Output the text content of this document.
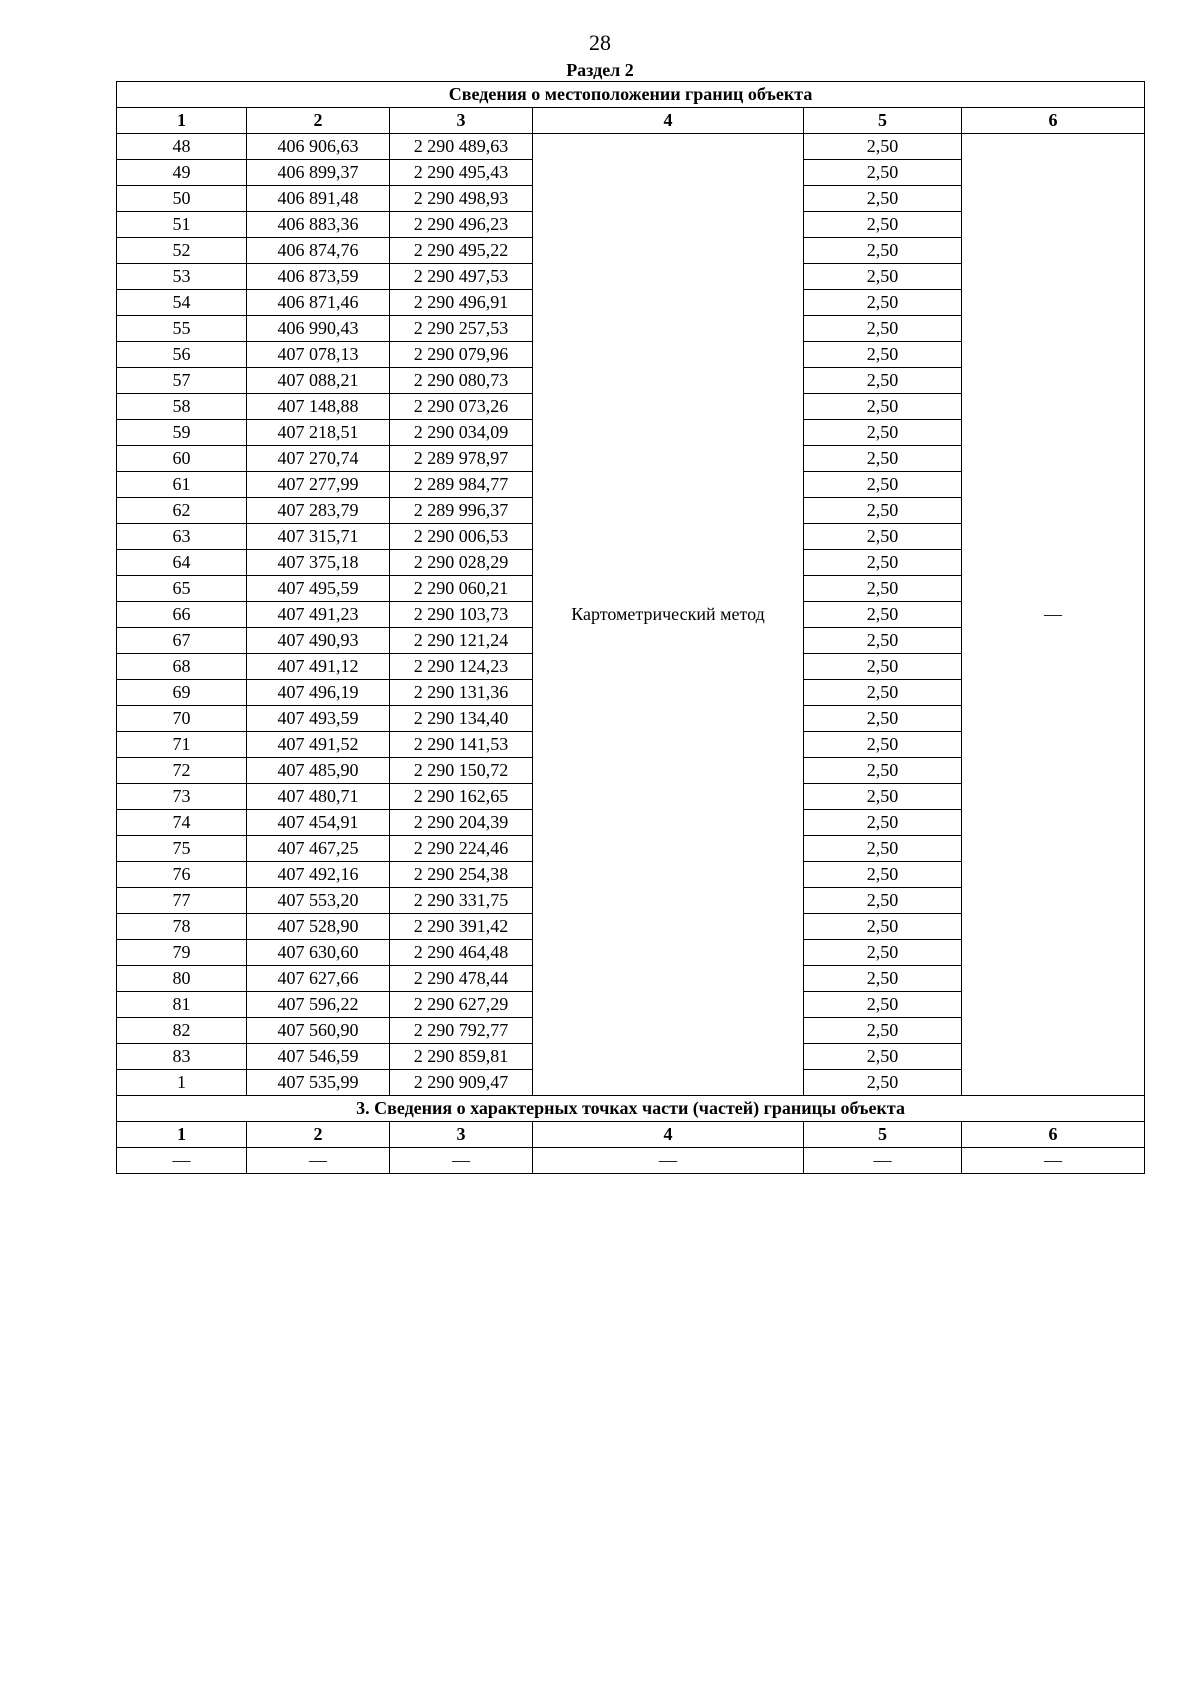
28
Раздел 2
Сведения о местоположении границ объекта					
1	2	3	4	5	6
48	406 906,63	2 290 489,63	Картометрический метод	2,50	—
49	406 899,37	2 290 495,43		2,50	
50	406 891,48	2 290 498,93		2,50	
51	406 883,36	2 290 496,23		2,50	
52	406 874,76	2 290 495,22		2,50	
53	406 873,59	2 290 497,53		2,50	
54	406 871,46	2 290 496,91		2,50	
55	406 990,43	2 290 257,53		2,50	
56	407 078,13	2 290 079,96		2,50	
57	407 088,21	2 290 080,73		2,50	
58	407 148,88	2 290 073,26		2,50	
59	407 218,51	2 290 034,09		2,50	
60	407 270,74	2 289 978,97		2,50	
61	407 277,99	2 289 984,77		2,50	
62	407 283,79	2 289 996,37		2,50	
63	407 315,71	2 290 006,53		2,50	
64	407 375,18	2 290 028,29		2,50	
65	407 495,59	2 290 060,21		2,50	
66	407 491,23	2 290 103,73		2,50	
67	407 490,93	2 290 121,24		2,50	
68	407 491,12	2 290 124,23		2,50	
69	407 496,19	2 290 131,36		2,50	
70	407 493,59	2 290 134,40		2,50	
71	407 491,52	2 290 141,53		2,50	
72	407 485,90	2 290 150,72		2,50	
73	407 480,71	2 290 162,65		2,50	
74	407 454,91	2 290 204,39		2,50	
75	407 467,25	2 290 224,46		2,50	
76	407 492,16	2 290 254,38		2,50	
77	407 553,20	2 290 331,75		2,50	
78	407 528,90	2 290 391,42		2,50	
79	407 630,60	2 290 464,48		2,50	
80	407 627,66	2 290 478,44		2,50	
81	407 596,22	2 290 627,29		2,50	
82	407 560,90	2 290 792,77		2,50	
83	407 546,59	2 290 859,81		2,50	
1	407 535,99	2 290 909,47		2,50	
3. Сведения о характерных точках части (частей) границы объекта					
1	2	3	4	5	6
—	—	—	—	—	—
